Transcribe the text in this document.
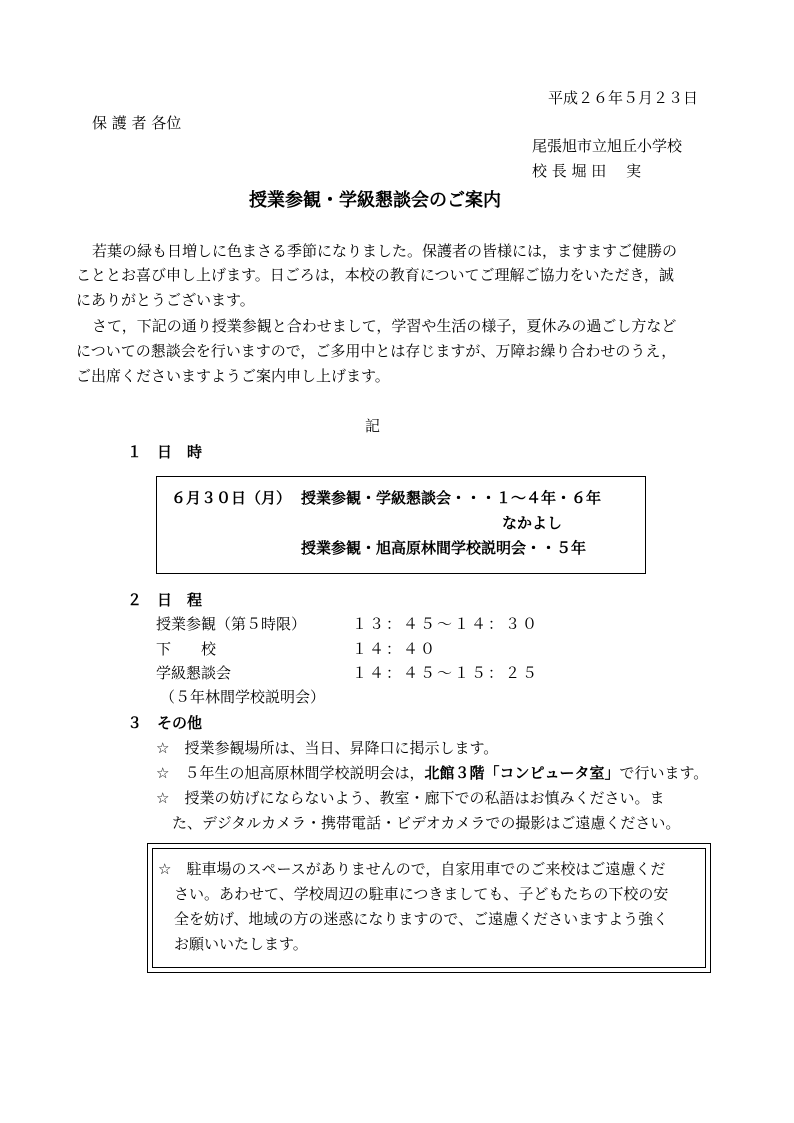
平成２６年５月２３日
保 護 者 各位
尾張旭市立旭丘小学校
校 長 堀 田　 実
授業参観・学級懇談会のご案内
若葉の緑も日増しに色まさる季節になりました。保護者の皆様には，ますますご健勝の
こととお喜び申し上げます。日ごろは，本校の教育についてご理解ご協力をいただき，誠
にありがとうございます。
さて，下記の通り授業参観と合わせまして，学習や生活の様子，夏休みの過ごし方など
についての懇談会を行いますので，ご多用中とは存じますが、万障お繰り合わせのうえ，
ご出席くださいますようご案内申し上げます。
記
１　日　時
６月３０日（月） 授業参観・学級懇談会・・・１～４年・６年
なかよし
授業参観・旭高原林間学校説明会・・５年
２　日　程
授業参観（第５時限）	１３：４５～１４：３０
下　　校	１４：４０
学級懇談会	１４：４５～１５：２５
（５年林間学校説明会）
３　その他
☆　授業参観場所は、当日、昇降口に掲示します。
☆　５年生の旭高原林間学校説明会は，北館３階「コンピュータ室」で行います。
☆　授業の妨げにならないよう、教室・廊下での私語はお慎みください。ま
た、デジタルカメラ・携帯電話・ビデオカメラでの撮影はご遠慮ください。
☆　駐車場のスペースがありませんので，自家用車でのご来校はご遠慮くだ
さい。あわせて、学校周辺の駐車につきましても、子どもたちの下校の安
全を妨げ、地域の方の迷惑になりますので、ご遠慮くださいますよう強く
お願いいたします。
